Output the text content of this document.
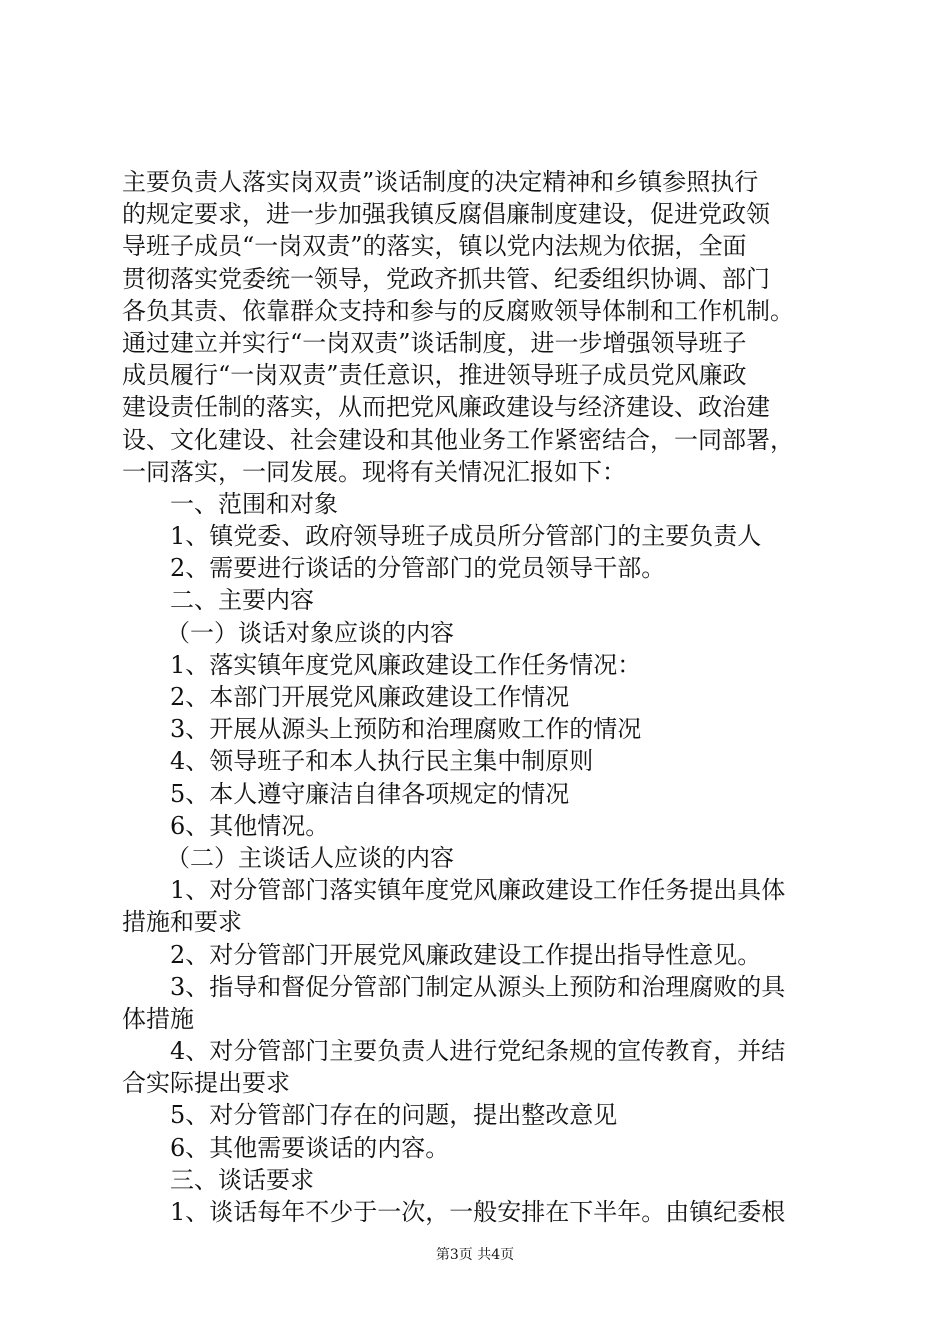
主要负责人落实岗双责”谈话制度的决定精神和乡镇参照执行
的规定要求，进一步加强我镇反腐倡廉制度建设，促进党政领
导班子成员“一岗双责”的落实，镇以党内法规为依据，全面
贯彻落实党委统一领导，党政齐抓共管、纪委组织协调、部门
各负其责、依靠群众支持和参与的反腐败领导体制和工作机制。
通过建立并实行“一岗双责”谈话制度，进一步增强领导班子
成员履行“一岗双责”责任意识，推进领导班子成员党风廉政
建设责任制的落实，从而把党风廉政建设与经济建设、政治建
设、文化建设、社会建设和其他业务工作紧密结合，一同部署，
一同落实，一同发展。现将有关情况汇报如下：
一、范围和对象
1、镇党委、政府领导班子成员所分管部门的主要负责人
2、需要进行谈话的分管部门的党员领导干部。
二、主要内容
（一）谈话对象应谈的内容
1、落实镇年度党风廉政建设工作任务情况：
2、本部门开展党风廉政建设工作情况
3、开展从源头上预防和治理腐败工作的情况
4、领导班子和本人执行民主集中制原则
5、本人遵守廉洁自律各项规定的情况
6、其他情况。
（二）主谈话人应谈的内容
1、对分管部门落实镇年度党风廉政建设工作任务提出具体
措施和要求
2、对分管部门开展党风廉政建设工作提出指导性意见。
3、指导和督促分管部门制定从源头上预防和治理腐败的具
体措施
4、对分管部门主要负责人进行党纪条规的宣传教育，并结
合实际提出要求
5、对分管部门存在的问题，提出整改意见
6、其他需要谈话的内容。
三、谈话要求
1、谈话每年不少于一次，一般安排在下半年。由镇纪委根
第3页 共4页
